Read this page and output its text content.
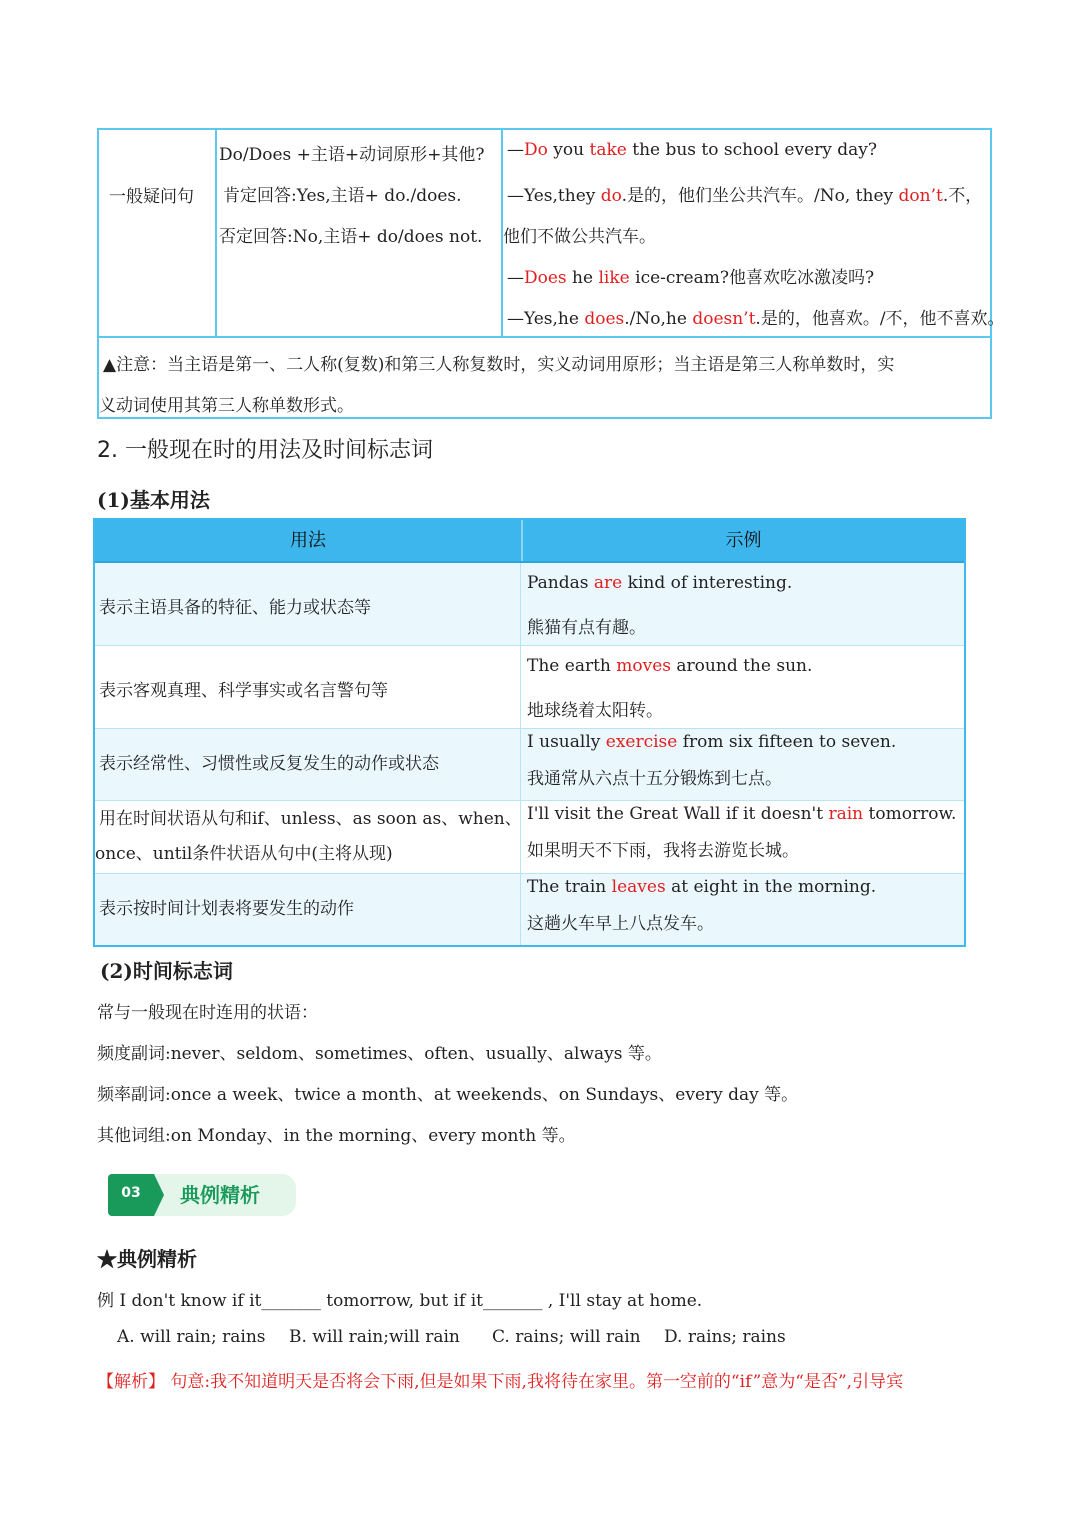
一般疑问句
Do/Does +主语+动词原形+其他?
肯定回答:Yes,主语+ do./does.
否定回答:No,主语+ do/does not.
—Do you take the bus to school every day?
—Yes,they do.是的，他们坐公共汽车。/No, they don’t.不，
他们不做公共汽车。
—Does he like ice-cream?他喜欢吃冰激凌吗?
—Yes,he does./No,he doesn’t.是的，他喜欢。/不，他不喜欢。
▲注意：当主语是第一、二人称(复数)和第三人称复数时，实义动词用原形；当主语是第三人称单数时，实
义动词使用其第三人称单数形式。
2. 一般现在时的用法及时间标志词
(1)基本用法
用法	示例
表示主语具备的特征、能力或状态等
Pandas are kind of interesting.
熊猫有点有趣。
表示客观真理、科学事实或名言警句等
The earth moves around the sun.
地球绕着太阳转。
表示经常性、习惯性或反复发生的动作或状态
I usually exercise from six fifteen to seven.
我通常从六点十五分锻炼到七点。
用在时间状语从句和if、unless、as soon as、when、
once、until条件状语从句中(主将从现)
I'll visit the Great Wall if it doesn't rain tomorrow.
如果明天不下雨，我将去游览长城。
表示按时间计划表将要发生的动作
The train leaves at eight in the morning.
这趟火车早上八点发车。
(2)时间标志词
常与一般现在时连用的状语：
频度副词:never、seldom、sometimes、often、usually、always 等。
频率副词:once a week、twice a month、at weekends、on Sundays、every day 等。
其他词组:on Monday、in the morning、every month 等。
03	典例精析
★典例精析
例 I don't know if it_______ tomorrow, but if it_______ , I'll stay at home.
A. will rain; rains B. will rain;will rain C. rains; will rain D. rains; rains
【解析】 句意:我不知道明天是否将会下雨,但是如果下雨,我将待在家里。第一空前的“if”意为“是否”,引导宾
